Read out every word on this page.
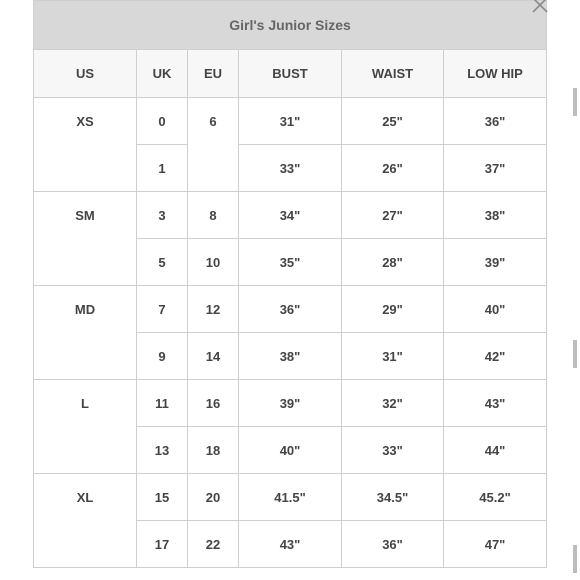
Girl's Junior Sizes					
US	UK	EU	BUST	WAIST	LOW HIP
XS	0	6	31"	25"	36"
	1		33"	26"	37"
SM	3	8	34"	27"	38"
	5	10	35"	28"	39"
MD	7	12	36"	29"	40"
	9	14	38"	31"	42"
L	11	16	39"	32"	43"
	13	18	40"	33"	44"
XL	15	20	41.5"	34.5"	45.2"
	17	22	43"	36"	47"
